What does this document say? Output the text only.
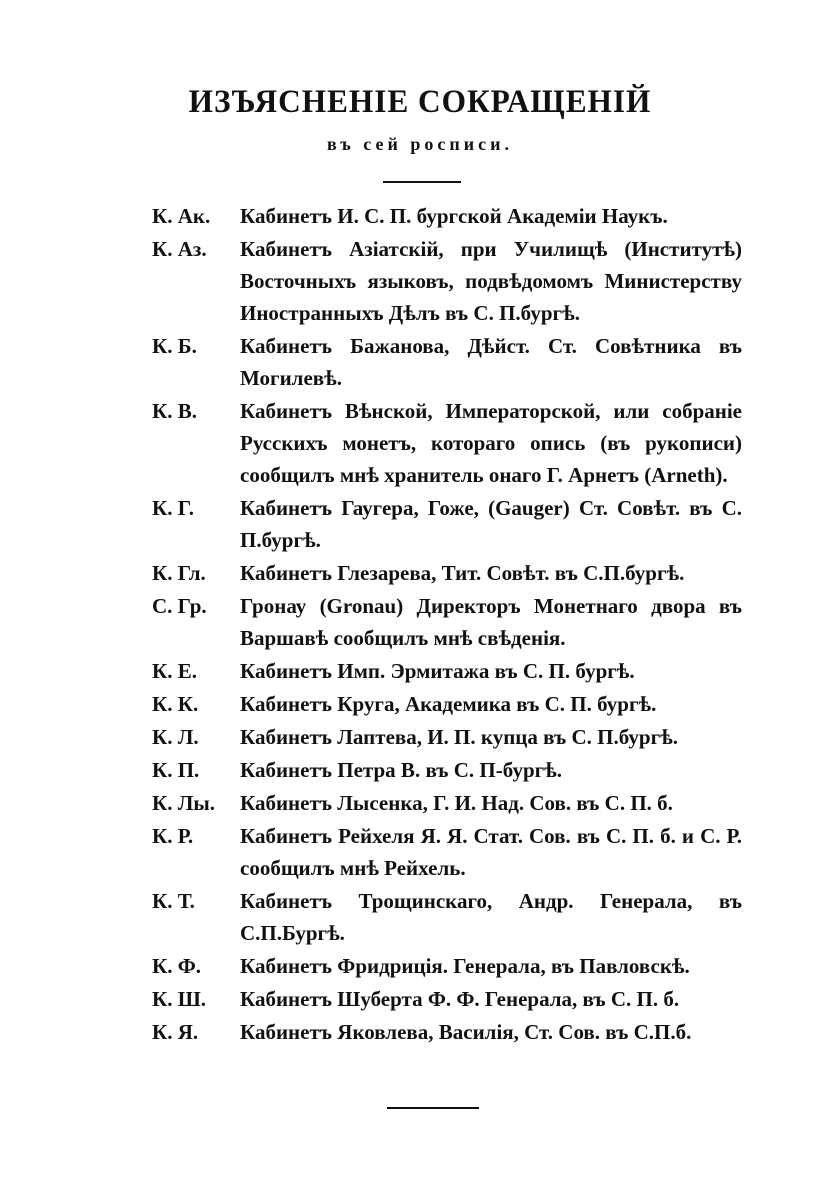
ИЗЪЯСНЕНІЕ СОКРАЩЕНІЙ
въ сей росписи.
К. Ак.	Кабинетъ И. С. П. бургской Академіи Наукъ.
К. Аз.	Кабинетъ Азіатскій, при Училищѣ (Институтѣ) Восточныхъ языковъ, подвѣдомомъ Министерству Иностранныхъ Дѣлъ въ С. П.бургѣ.
К. Б.	Кабинетъ Бажанова, Дѣйст. Ст. Совѣтника въ Могилевѣ.
К. В.	Кабинетъ Вѣнской, Императорской, или собраніе Русскихъ монетъ, котораго опись (въ рукописи) сообщилъ мнѣ хранитель онаго Г. Арнетъ (Arneth).
К. Г.	Кабинетъ Гаугера, Гоже, (Gauger) Ст. Совѣт. въ С. П.бургѣ.
К. Гл.	Кабинетъ Глезарева, Тит. Совѣт. въ С.П.бургѣ.
С. Гр.	Гронау (Gronau) Директоръ Монетнаго двора въ Варшавѣ сообщилъ мнѣ свѣденія.
К. Е.	Кабинетъ Имп. Эрмитажа въ С. П. бургѣ.
К. К.	Кабинетъ Круга, Академика въ С. П. бургѣ.
К. Л.	Кабинетъ Лаптева, И. П. купца въ С. П.бургѣ.
К. П.	Кабинетъ Петра В. въ С. П-бургѣ.
К. Лы.	Кабинетъ Лысенка, Г. И. Над. Сов. въ С. П. б.
К. Р.	Кабинетъ Рейхеля Я. Я. Стат. Сов. въ С. П. б. и С. Р. сообщилъ мнѣ Рейхель.
К. Т.	Кабинетъ Трощинскаго, Андр. Генерала, въ С.П.Бургѣ.
К. Ф.	Кабинетъ Фридриція. Генерала, въ Павловскѣ.
К. Ш.	Кабинетъ Шуберта Ф. Ф. Генерала, въ С. П. б.
К. Я.	Кабинетъ Яковлева, Василія, Ст. Сов. въ С.П.б.
